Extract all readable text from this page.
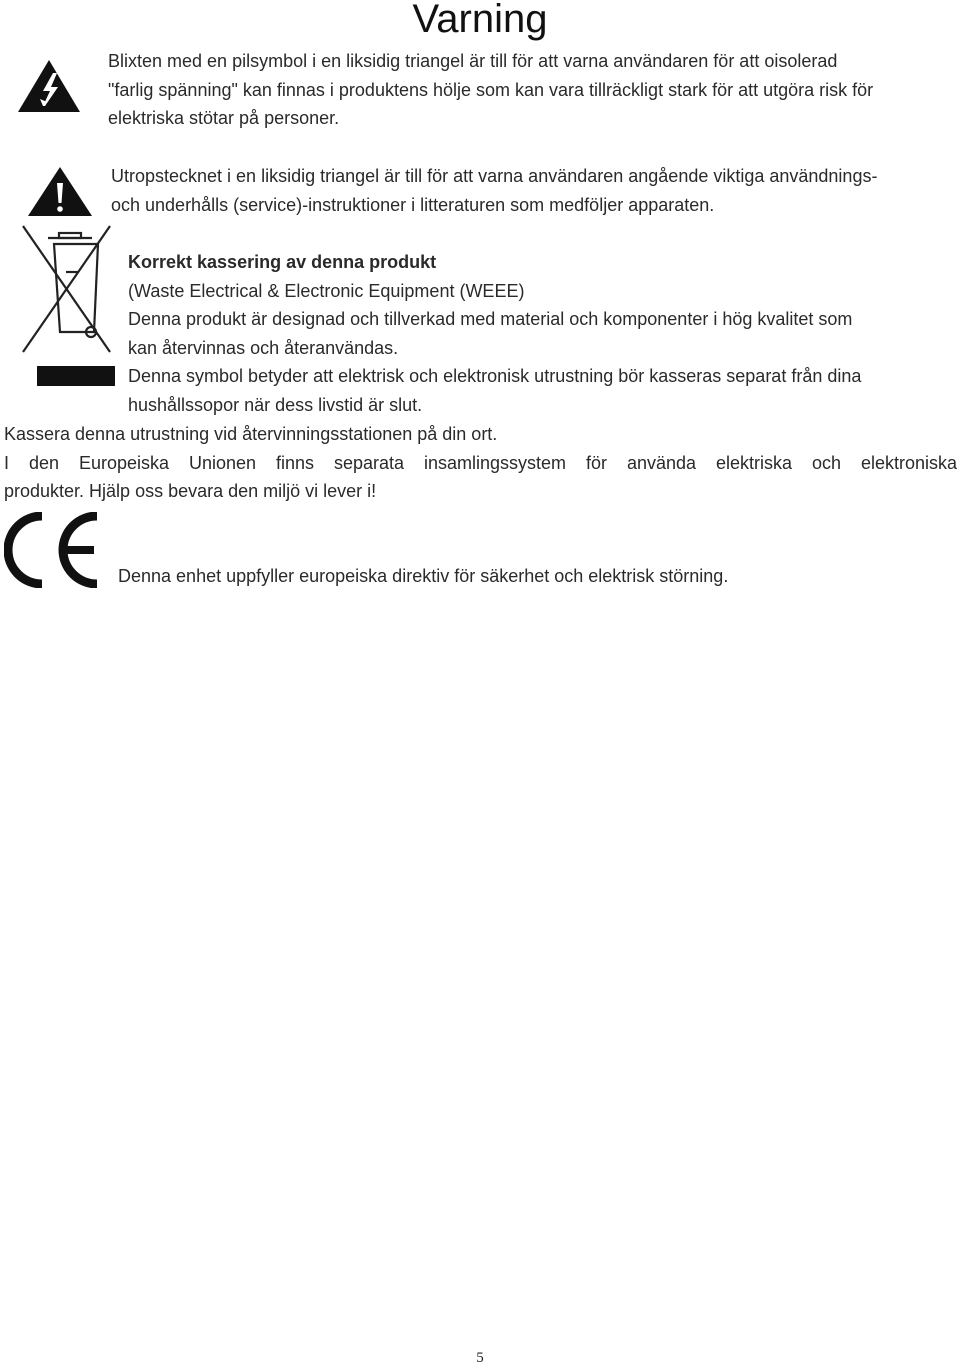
Varning
Blixten med en pilsymbol i en liksidig triangel är till för att varna användaren för att oisolerad
"farlig spänning" kan finnas i produktens hölje som kan vara tillräckligt stark för att utgöra risk för
elektriska stötar på personer.
Utropstecknet i en liksidig triangel är till för att varna användaren angående viktiga användnings-
och underhålls (service)-instruktioner i litteraturen som medföljer apparaten.
Korrekt kassering av denna produkt
(Waste Electrical & Electronic Equipment (WEEE)
Denna produkt är designad och tillverkad med material och komponenter i hög kvalitet som
kan återvinnas och återanvändas.
Denna symbol betyder att elektrisk och elektronisk utrustning bör kasseras separat från dina
hushållssopor när dess livstid är slut.
Kassera denna utrustning vid återvinningsstationen på din ort.
I den Europeiska Unionen finns separata insamlingssystem för använda elektriska och elektroniska
produkter. Hjälp oss bevara den miljö vi lever i!
Denna enhet uppfyller europeiska direktiv för säkerhet och elektrisk störning.
5
